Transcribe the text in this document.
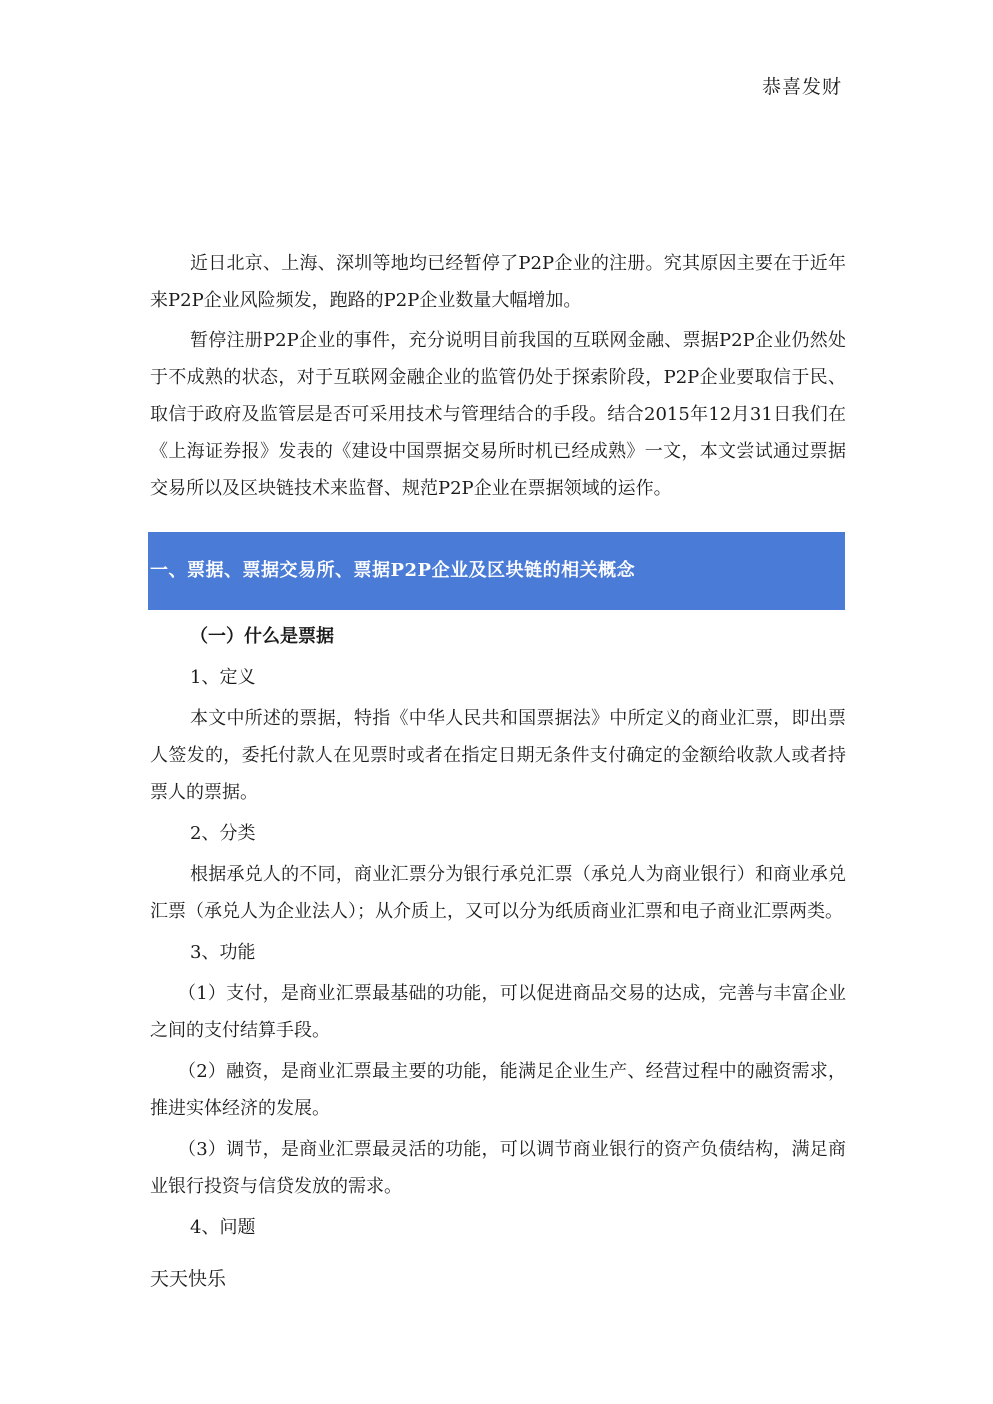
恭喜发财

近日北京、上海、深圳等地均已经暂停了P2P企业的注册。究其原因主要在于近年来P2P企业风险频发，跑路的P2P企业数量大幅增加。

暂停注册P2P企业的事件，充分说明目前我国的互联网金融、票据P2P企业仍然处于不成熟的状态，对于互联网金融企业的监管仍处于探索阶段，P2P企业要取信于民、取信于政府及监管层是否可采用技术与管理结合的手段。结合2015年12月31日我们在《上海证券报》发表的《建设中国票据交易所时机已经成熟》一文，本文尝试通过票据交易所以及区块链技术来监督、规范P2P企业在票据领域的运作。

一、票据、票据交易所、票据P2P企业及区块链的相关概念
（一）什么是票据
1、定义
本文中所述的票据，特指《中华人民共和国票据法》中所定义的商业汇票，即出票人签发的，委托付款人在见票时或者在指定日期无条件支付确定的金额给收款人或者持票人的票据。
2、分类
根据承兑人的不同，商业汇票分为银行承兑汇票（承兑人为商业银行）和商业承兑汇票（承兑人为企业法人）；从介质上，又可以分为纸质商业汇票和电子商业汇票两类。
3、功能
（1）支付，是商业汇票最基础的功能，可以促进商品交易的达成，完善与丰富企业之间的支付结算手段。
（2）融资，是商业汇票最主要的功能，能满足企业生产、经营过程中的融资需求，推进实体经济的发展。
（3）调节，是商业汇票最灵活的功能，可以调节商业银行的资产负债结构，满足商业银行投资与信贷发放的需求。
4、问题
天天快乐
